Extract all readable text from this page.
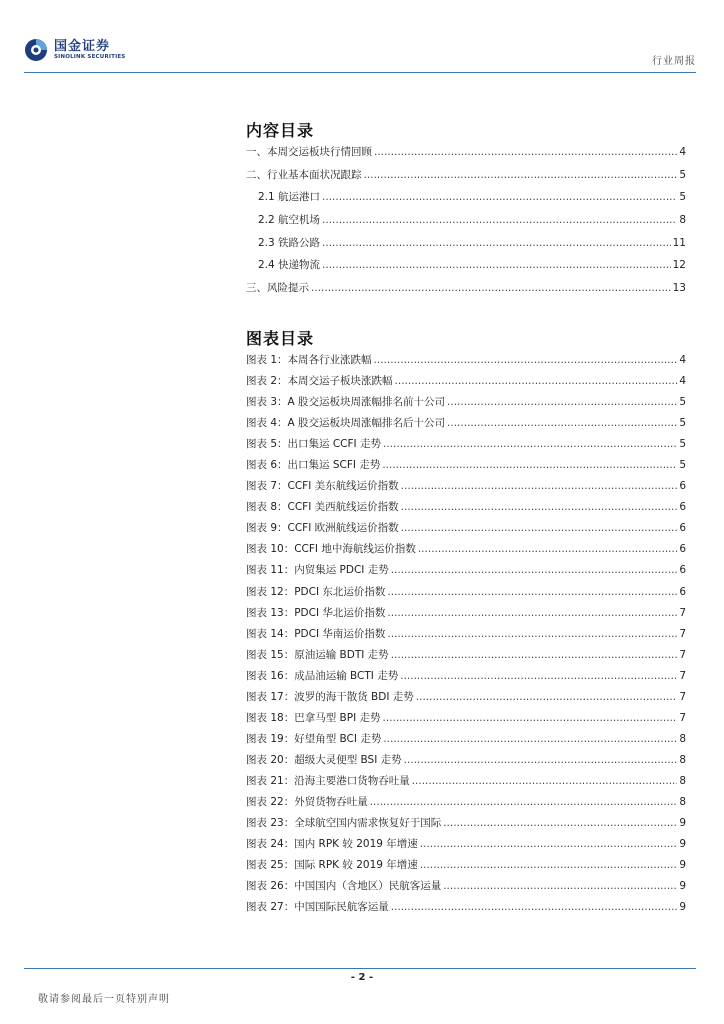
国金证券
SINOLINK SECURITIES	行业周报
内容目录
一、本周交运板块行情回顾 .....	4
二、行业基本面状况跟踪 .....	5
2.1 航运港口 .....	5
2.2 航空机场 .....	8
2.3 铁路公路 .....	11
2.4 快递物流 .....	12
三、风险提示 .....	13
图表目录
图表 1：本周各行业涨跌幅 .....	4
图表 2：本周交运子板块涨跌幅 .....	4
图表 3：A 股交运板块周涨幅排名前十公司 .....	5
图表 4：A 股交运板块周涨幅排名后十公司 .....	5
图表 5：出口集运 CCFI 走势 .....	5
图表 6：出口集运 SCFI 走势 .....	5
图表 7：CCFI 美东航线运价指数 .....	6
图表 8：CCFI 美西航线运价指数 .....	6
图表 9：CCFI 欧洲航线运价指数 .....	6
图表 10：CCFI 地中海航线运价指数 .....	6
图表 11：内贸集运 PDCI 走势 .....	6
图表 12：PDCI 东北运价指数 .....	6
图表 13：PDCI 华北运价指数 .....	7
图表 14：PDCI 华南运价指数 .....	7
图表 15：原油运输 BDTI 走势 .....	7
图表 16：成品油运输 BCTI 走势 .....	7
图表 17：波罗的海干散货 BDI 走势 .....	7
图表 18：巴拿马型 BPI 走势 .....	7
图表 19：好望角型 BCI 走势 .....	8
图表 20：超级大灵便型 BSI 走势 .....	8
图表 21：沿海主要港口货物吞吐量 .....	8
图表 22：外贸货物吞吐量 .....	8
图表 23：全球航空国内需求恢复好于国际 .....	9
图表 24：国内 RPK 较 2019 年增速 .....	9
图表 25：国际 RPK 较 2019 年增速 .....	9
图表 26：中国国内（含地区）民航客运量 .....	9
图表 27：中国国际民航客运量 .....	9
- 2 -
敬请参阅最后一页特别声明
